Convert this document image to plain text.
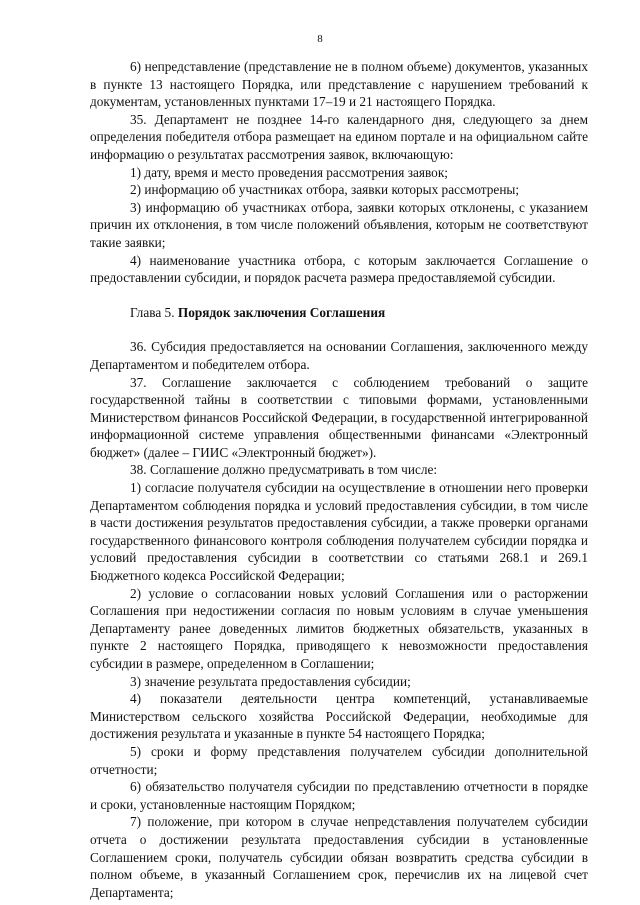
8

6) непредставление (представление не в полном объеме) документов, указанных в пункте 13 настоящего Порядка, или представление с нарушением требований к документам, установленных пунктами 17–19 и 21 настоящего Порядка.

35. Департамент не позднее 14-го календарного дня, следующего за днем определения победителя отбора размещает на едином портале и на официальном сайте информацию о результатах рассмотрения заявок, включающую:

1) дату, время и место проведения рассмотрения заявок;

2) информацию об участниках отбора, заявки которых рассмотрены;

3) информацию об участниках отбора, заявки которых отклонены, с указанием причин их отклонения, в том числе положений объявления, которым не соответствуют такие заявки;

4) наименование участника отбора, с которым заключается Соглашение о предоставлении субсидии, и порядок расчета размера предоставляемой субсидии.

Глава 5. Порядок заключения Соглашения

36. Субсидия предоставляется на основании Соглашения, заключенного между Департаментом и победителем отбора.

37. Соглашение заключается с соблюдением требований о защите государственной тайны в соответствии с типовыми формами, установленными Министерством финансов Российской Федерации, в государственной интегрированной информационной системе управления общественными финансами «Электронный бюджет» (далее – ГИИС «Электронный бюджет»).

38. Соглашение должно предусматривать в том числе:

1) согласие получателя субсидии на осуществление в отношении него проверки Департаментом соблюдения порядка и условий предоставления субсидии, в том числе в части достижения результатов предоставления субсидии, а также проверки органами государственного финансового контроля соблюдения получателем субсидии порядка и условий предоставления субсидии в соответствии со статьями 268.1 и 269.1 Бюджетного кодекса Российской Федерации;

2) условие о согласовании новых условий Соглашения или о расторжении Соглашения при недостижении согласия по новым условиям в случае уменьшения Департаменту ранее доведенных лимитов бюджетных обязательств, указанных в пункте 2 настоящего Порядка, приводящего к невозможности предоставления субсидии в размере, определенном в Соглашении;

3) значение результата предоставления субсидии;

4) показатели деятельности центра компетенций, устанавливаемые Министерством сельского хозяйства Российской Федерации, необходимые для достижения результата и указанные в пункте 54 настоящего Порядка;

5) сроки и форму представления получателем субсидии дополнительной отчетности;

6) обязательство получателя субсидии по представлению отчетности в порядке и сроки, установленные настоящим Порядком;

7) положение, при котором в случае непредставления получателем субсидии отчета о достижении результата предоставления субсидии в установленные Соглашением сроки, получатель субсидии обязан возвратить средства субсидии в полном объеме, в указанный Соглашением срок, перечислив их на лицевой счет Департамента;
